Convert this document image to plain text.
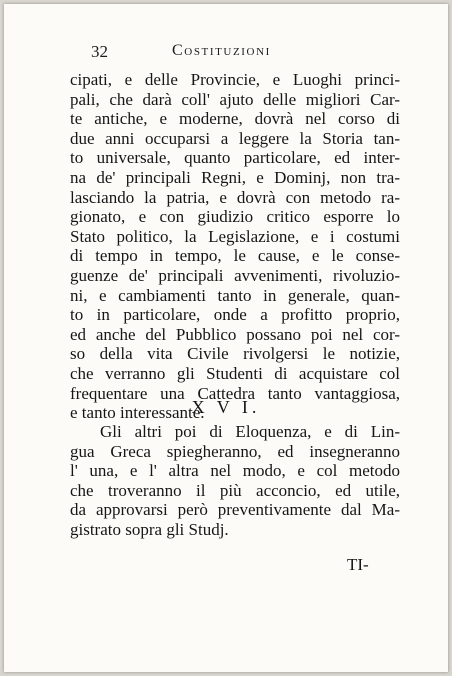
32	Costituzioni
cipati, e delle Provincie, e Luoghi princi-
pali, che darà coll' ajuto delle migliori Car-
te antiche, e moderne, dovrà nel corso di
due anni occuparsi a leggere la Storia tan-
to universale, quanto particolare, ed inter-
na de' principali Regni, e Dominj, non tra-
lasciando la patria, e dovrà con metodo ra-
gionato, e con giudizio critico esporre lo
Stato politico, la Legislazione, e i costumi
di tempo in tempo, le cause, e le conse-
guenze de' principali avvenimenti, rivoluzio-
ni, e cambiamenti tanto in generale, quan-
to in particolare, onde a profitto proprio,
ed anche del Pubblico possano poi nel cor-
so della vita Civile rivolgersi le notizie,
che verranno gli Studenti di acquistare col
frequentare una Cattedra tanto vantaggiosa,
e tanto interessante.
X V I.
Gli altri poi di Eloquenza, e di Lin-
gua Greca spiegheranno, ed insegneranno
l' una, e l' altra nel modo, e col metodo
che troveranno il più acconcio, ed utile,
da approvarsi però preventivamente dal Ma-
gistrato sopra gli Studj.
TI-
